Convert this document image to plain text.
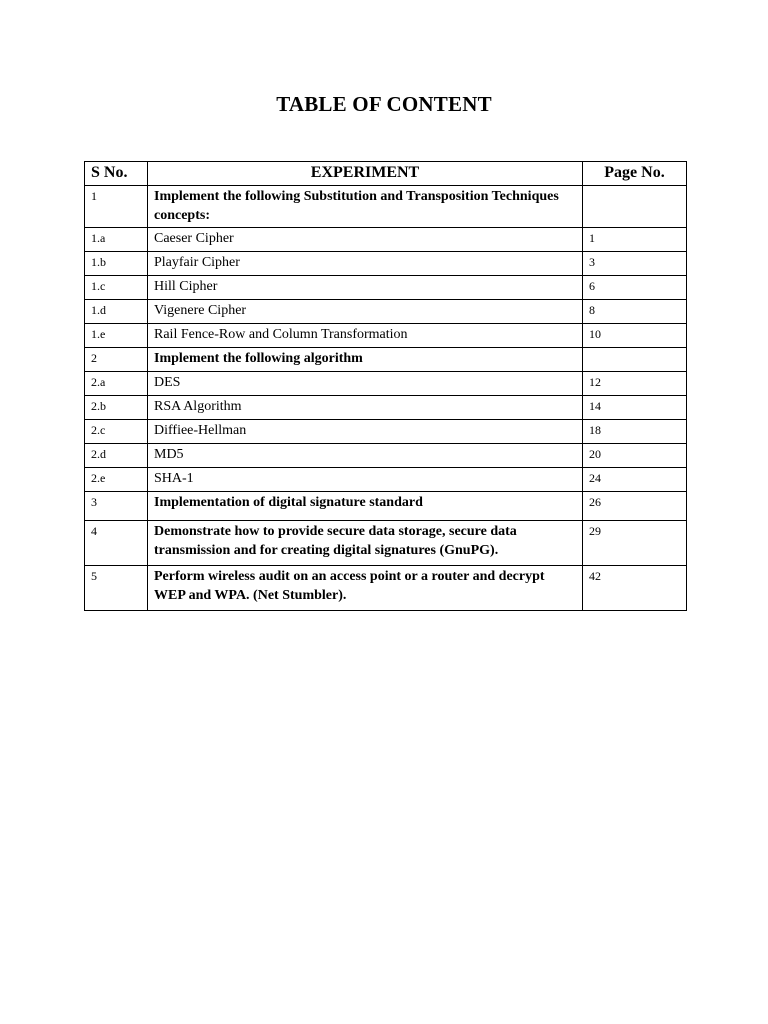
TABLE OF CONTENT
S No.	EXPERIMENT	Page No.
1	Implement the following Substitution and Transposition Techniques concepts:	
1.a	Caeser Cipher	1
1.b	Playfair Cipher	3
1.c	Hill Cipher	6
1.d	Vigenere Cipher	8
1.e	Rail Fence-Row and Column Transformation	10
2	Implement the following algorithm	
2.a	DES	12
2.b	RSA Algorithm	14
2.c	Diffiee-Hellman	18
2.d	MD5	20
2.e	SHA-1	24
3	Implementation of digital signature standard	26
4	Demonstrate how to provide secure data storage, secure data transmission and for creating digital signatures (GnuPG).	29
5	Perform wireless audit on an access point or a router and decrypt WEP and WPA. (Net Stumbler).	42
